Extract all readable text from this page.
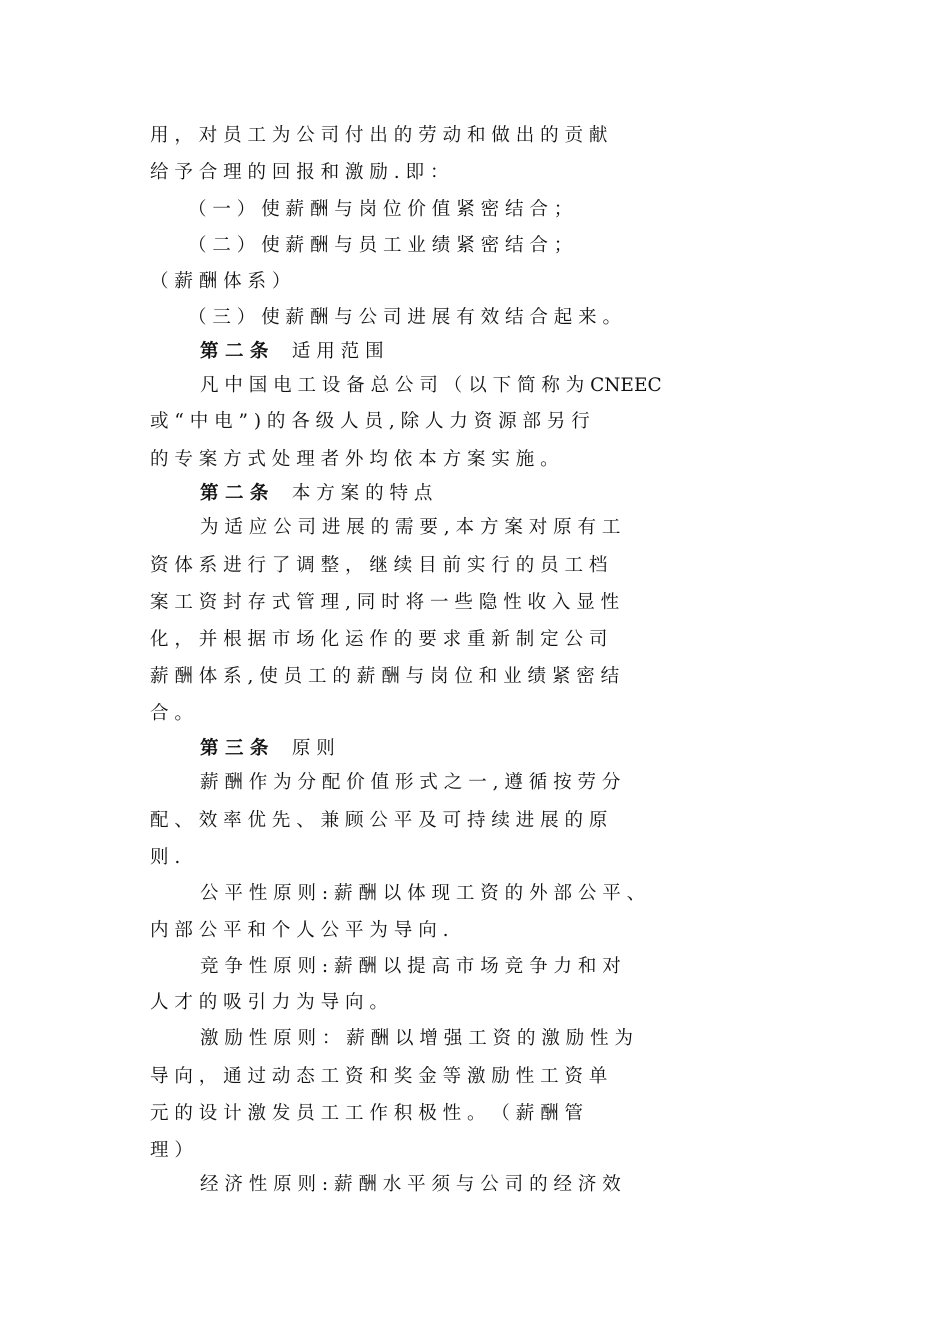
用 ， 对 员 工 为 公 司 付 出 的 劳 动 和 做 出 的 贡 献
给 予 合 理 的 回 报 和 激 励 . 即 ：
（ 一 ） 使 薪 酬 与 岗 位 价 值 紧 密 结 合 ；
（ 二 ） 使 薪 酬 与 员 工 业 绩 紧 密 结 合 ；
（ 薪 酬 体 系 ）
（ 三 ） 使 薪 酬 与 公 司 进 展 有 效 结 合 起 来 。
第 二 条 适 用 范 围
凡 中 国 电 工 设 备 总 公 司 （ 以 下 简 称 为 CNEEC
或 “ 中 电 ” ) 的 各 级 人 员 , 除 人 力 资 源 部 另 行
的 专 案 方 式 处 理 者 外 均 依 本 方 案 实 施 。
第 二 条 本 方 案 的 特 点
为 适 应 公 司 进 展 的 需 要 , 本 方 案 对 原 有 工
资 体 系 进 行 了 调 整 ， 继 续 目 前 实 行 的 员 工 档
案 工 资 封 存 式 管 理 , 同 时 将 一 些 隐 性 收 入 显 性
化 ， 并 根 据 市 场 化 运 作 的 要 求 重 新 制 定 公 司
薪 酬 体 系 , 使 员 工 的 薪 酬 与 岗 位 和 业 绩 紧 密 结
合 。
第 三 条 原 则
薪 酬 作 为 分 配 价 值 形 式 之 一 , 遵 循 按 劳 分
配 、 效 率 优 先 、 兼 顾 公 平 及 可 持 续 进 展 的 原
则 .
公 平 性 原 则 : 薪 酬 以 体 现 工 资 的 外 部 公 平 、
内 部 公 平 和 个 人 公 平 为 导 向 .
竞 争 性 原 则 : 薪 酬 以 提 高 市 场 竞 争 力 和 对
人 才 的 吸 引 力 为 导 向 。
激 励 性 原 则 ： 薪 酬 以 增 强 工 资 的 激 励 性 为
导 向 ， 通 过 动 态 工 资 和 奖 金 等 激 励 性 工 资 单
元 的 设 计 激 发 员 工 工 作 积 极 性 。 （ 薪 酬 管
理 ）
经 济 性 原 则 : 薪 酬 水 平 须 与 公 司 的 经 济 效
